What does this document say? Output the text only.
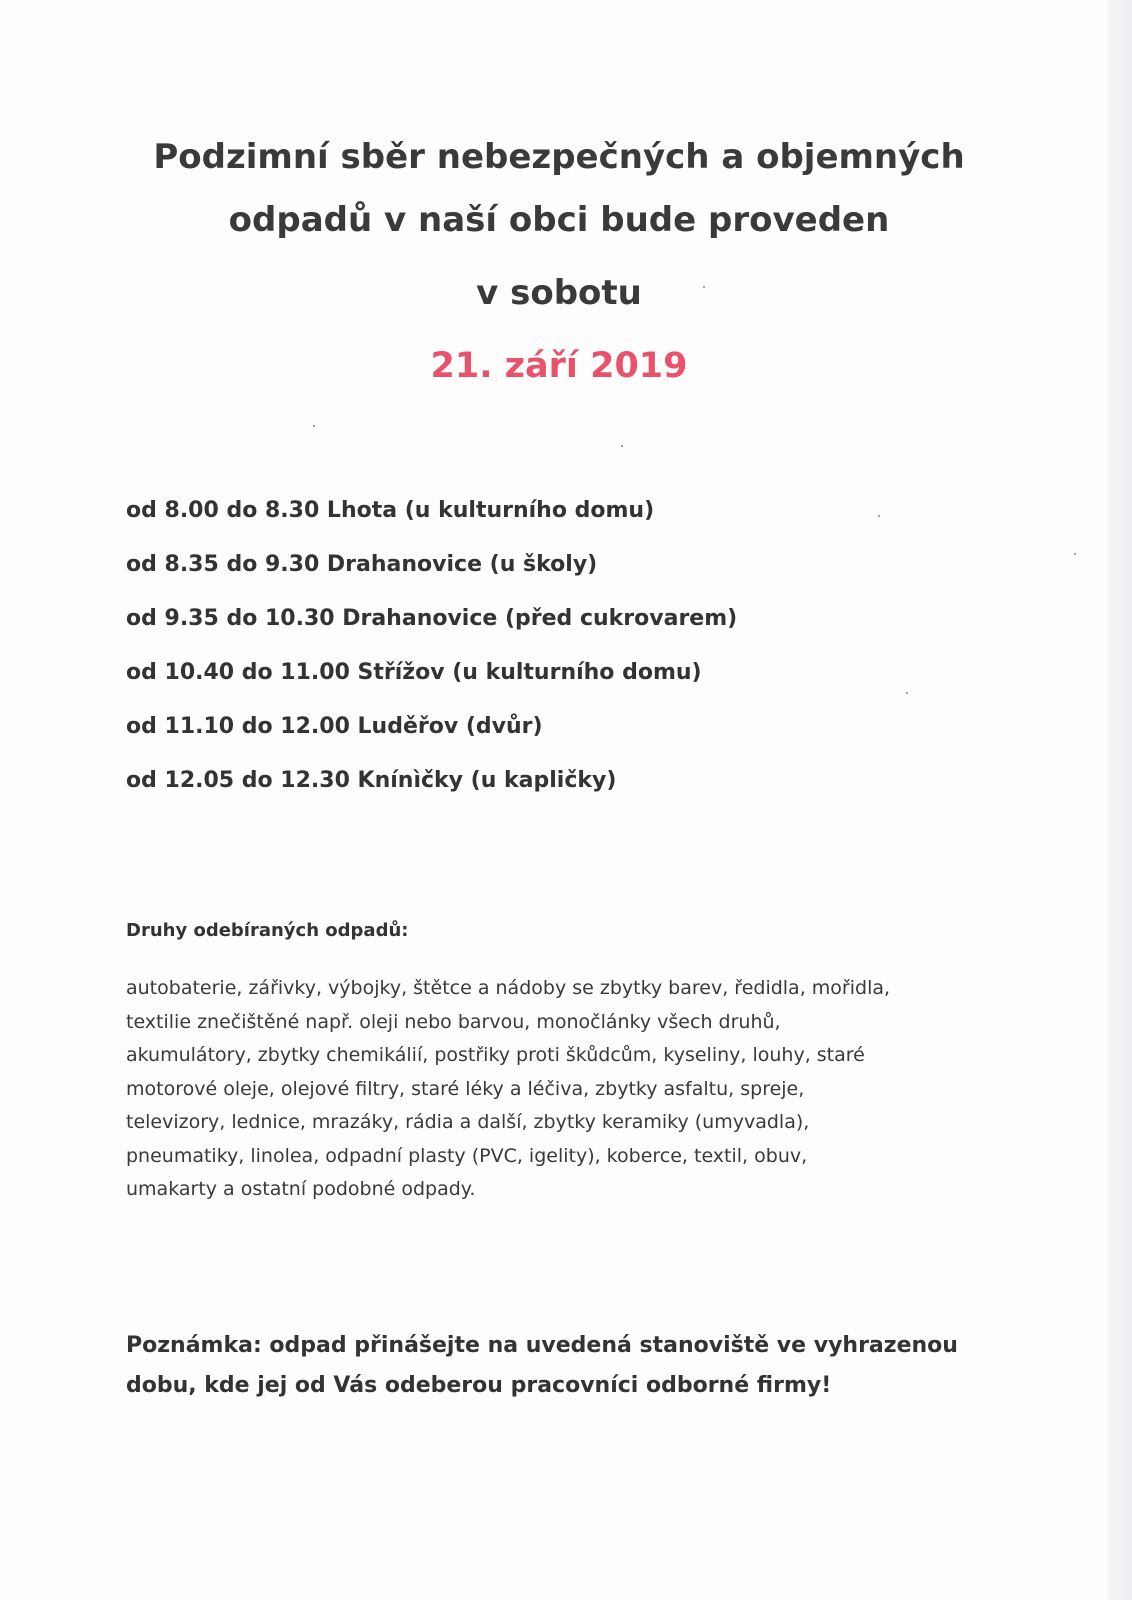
Podzimní sběr nebezpečných a objemných
odpadů v naší obci bude proveden
v sobotu
21. září 2019
od 8.00 do 8.30 Lhota (u kulturního domu)
od 8.35 do 9.30 Drahanovice (u školy)
od 9.35 do 10.30 Drahanovice (před cukrovarem)
od 10.40 do 11.00 Střížov (u kulturního domu)
od 11.10 do 12.00 Luděřov (dvůr)
od 12.05 do 12.30 Knínìčky (u kapličky)
Druhy odebíraných odpadů:
autobaterie, zářivky, výbojky, štětce a nádoby se zbytky barev, ředidla, mořidla,
textilie znečištěné např. oleji nebo barvou, monočlánky všech druhů,
akumulátory, zbytky chemikálií, postřiky proti škůdcům, kyseliny, louhy, staré
motorové oleje, olejové filtry, staré léky a léčiva, zbytky asfaltu, spreje,
televizory, lednice, mrazáky, rádia a další, zbytky keramiky (umyvadla),
pneumatiky, linolea, odpadní plasty (PVC, igelity), koberce, textil, obuv,
umakarty a ostatní podobné odpady.
Poznámka: odpad přinášejte na uvedená stanoviště ve vyhrazenou
dobu, kde jej od Vás odeberou pracovníci odborné firmy!
